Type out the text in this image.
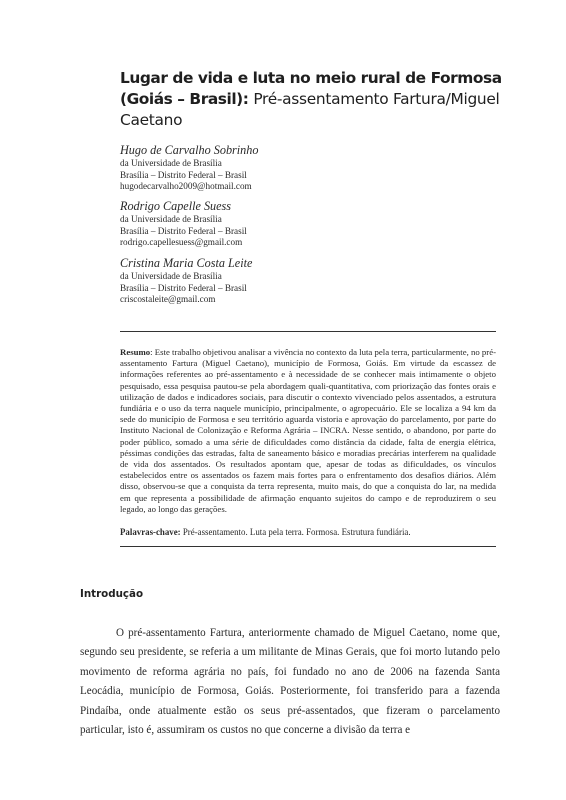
Lugar de vida e luta no meio rural de Formosa (Goiás – Brasil): Pré-assentamento Fartura/Miguel Caetano
Hugo de Carvalho Sobrinho
da Universidade de Brasília
Brasília – Distrito Federal – Brasil
hugodecarvalho2009@hotmail.com
Rodrigo Capelle Suess
da Universidade de Brasília
Brasília – Distrito Federal – Brasil
rodrigo.capellesuess@gmail.com
Cristina Maria Costa Leite
da Universidade de Brasília
Brasília – Distrito Federal – Brasil
criscostaleite@gmail.com
Resumo: Este trabalho objetivou analisar a vivência no contexto da luta pela terra, particularmente, no pré-assentamento Fartura (Miguel Caetano), município de Formosa, Goiás. Em virtude da escassez de informações referentes ao pré-assentamento e à necessidade de se conhecer mais intimamente o objeto pesquisado, essa pesquisa pautou-se pela abordagem quali-quantitativa, com priorização das fontes orais e utilização de dados e indicadores sociais, para discutir o contexto vivenciado pelos assentados, a estrutura fundiária e o uso da terra naquele município, principalmente, o agropecuário. Ele se localiza a 94 km da sede do município de Formosa e seu território aguarda vistoria e aprovação do parcelamento, por parte do Instituto Nacional de Colonização e Reforma Agrária – INCRA. Nesse sentido, o abandono, por parte do poder público, somado a uma série de dificuldades como distância da cidade, falta de energia elétrica, péssimas condições das estradas, falta de saneamento básico e moradias precárias interferem na qualidade de vida dos assentados. Os resultados apontam que, apesar de todas as dificuldades, os vínculos estabelecidos entre os assentados os fazem mais fortes para o enfrentamento dos desafios diários. Além disso, observou-se que a conquista da terra representa, muito mais, do que a conquista do lar, na medida em que representa a possibilidade de afirmação enquanto sujeitos do campo e de reproduzirem o seu legado, ao longo das gerações.
Palavras-chave: Pré-assentamento. Luta pela terra. Formosa. Estrutura fundiária.
Introdução

O pré-assentamento Fartura, anteriormente chamado de Miguel Caetano, nome que, segundo seu presidente, se referia a um militante de Minas Gerais, que foi morto lutando pelo movimento de reforma agrária no país, foi fundado no ano de 2006 na fazenda Santa Leocádia, município de Formosa, Goiás. Posteriormente, foi transferido para a fazenda Pindaíba, onde atualmente estão os seus pré-assentados, que fizeram o parcelamento particular, isto é, assumiram os custos no que concerne a divisão da terra e
